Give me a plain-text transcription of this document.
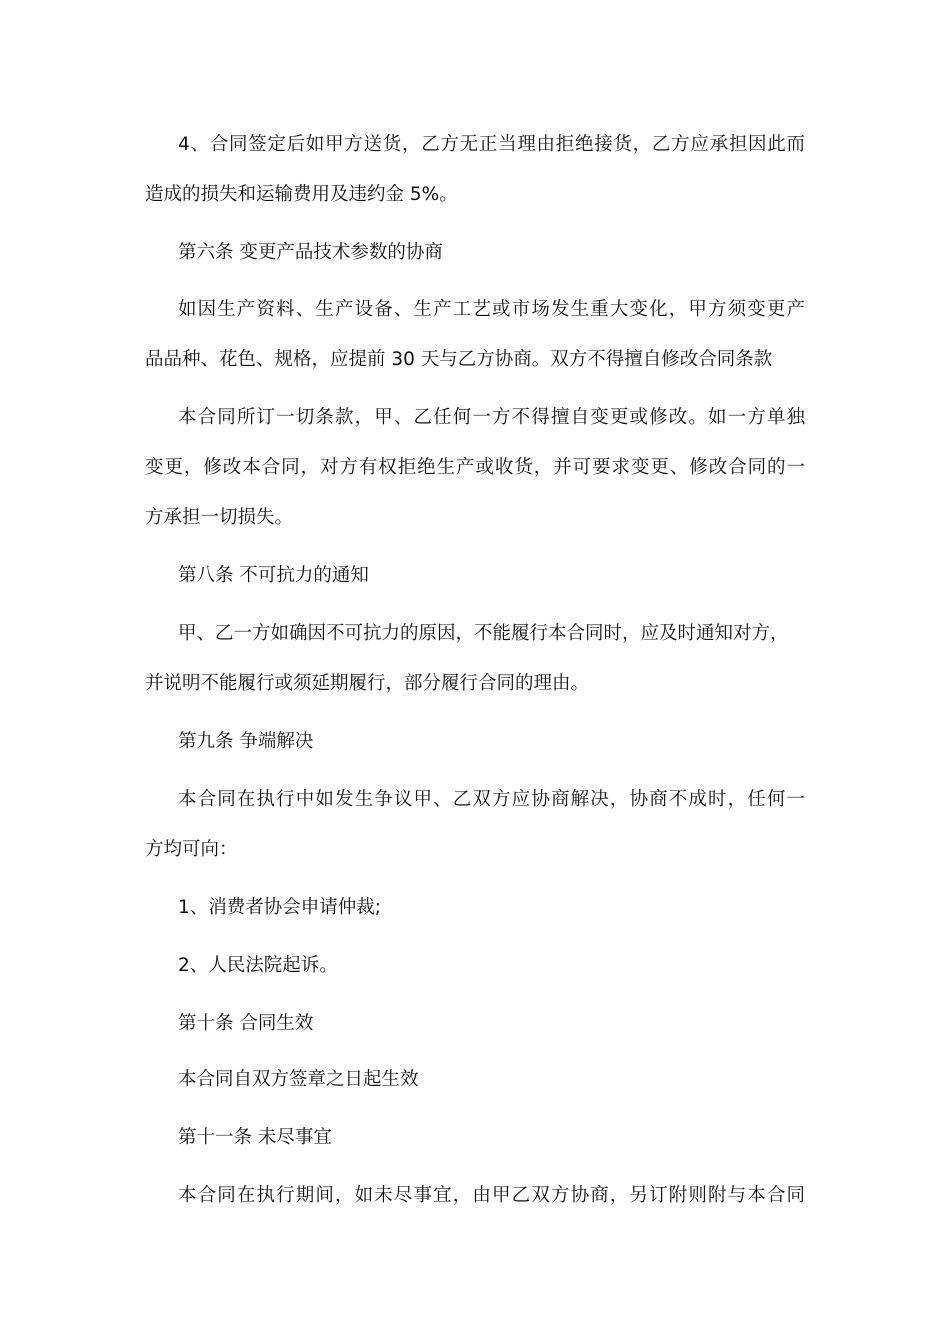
4、合同签定后如甲方送货，乙方无正当理由拒绝接货，乙方应承担因此而
造成的损失和运输费用及违约金 5%。
第六条 变更产品技术参数的协商
如因生产资料、生产设备、生产工艺或市场发生重大变化，甲方须变更产
品品种、花色、规格，应提前 30 天与乙方协商。双方不得擅自修改合同条款
本合同所订一切条款，甲、乙任何一方不得擅自变更或修改。如一方单独
变更，修改本合同，对方有权拒绝生产或收货，并可要求变更、修改合同的一
方承担一切损失。
第八条 不可抗力的通知
甲、乙一方如确因不可抗力的原因，不能履行本合同时，应及时通知对方，
并说明不能履行或须延期履行，部分履行合同的理由。
第九条 争端解决
本合同在执行中如发生争议甲、乙双方应协商解决，协商不成时，任何一
方均可向：
1、消费者协会申请仲裁;
2、人民法院起诉。
第十条 合同生效
本合同自双方签章之日起生效
第十一条 未尽事宜
本合同在执行期间，如未尽事宜，由甲乙双方协商，另订附则附与本合同
